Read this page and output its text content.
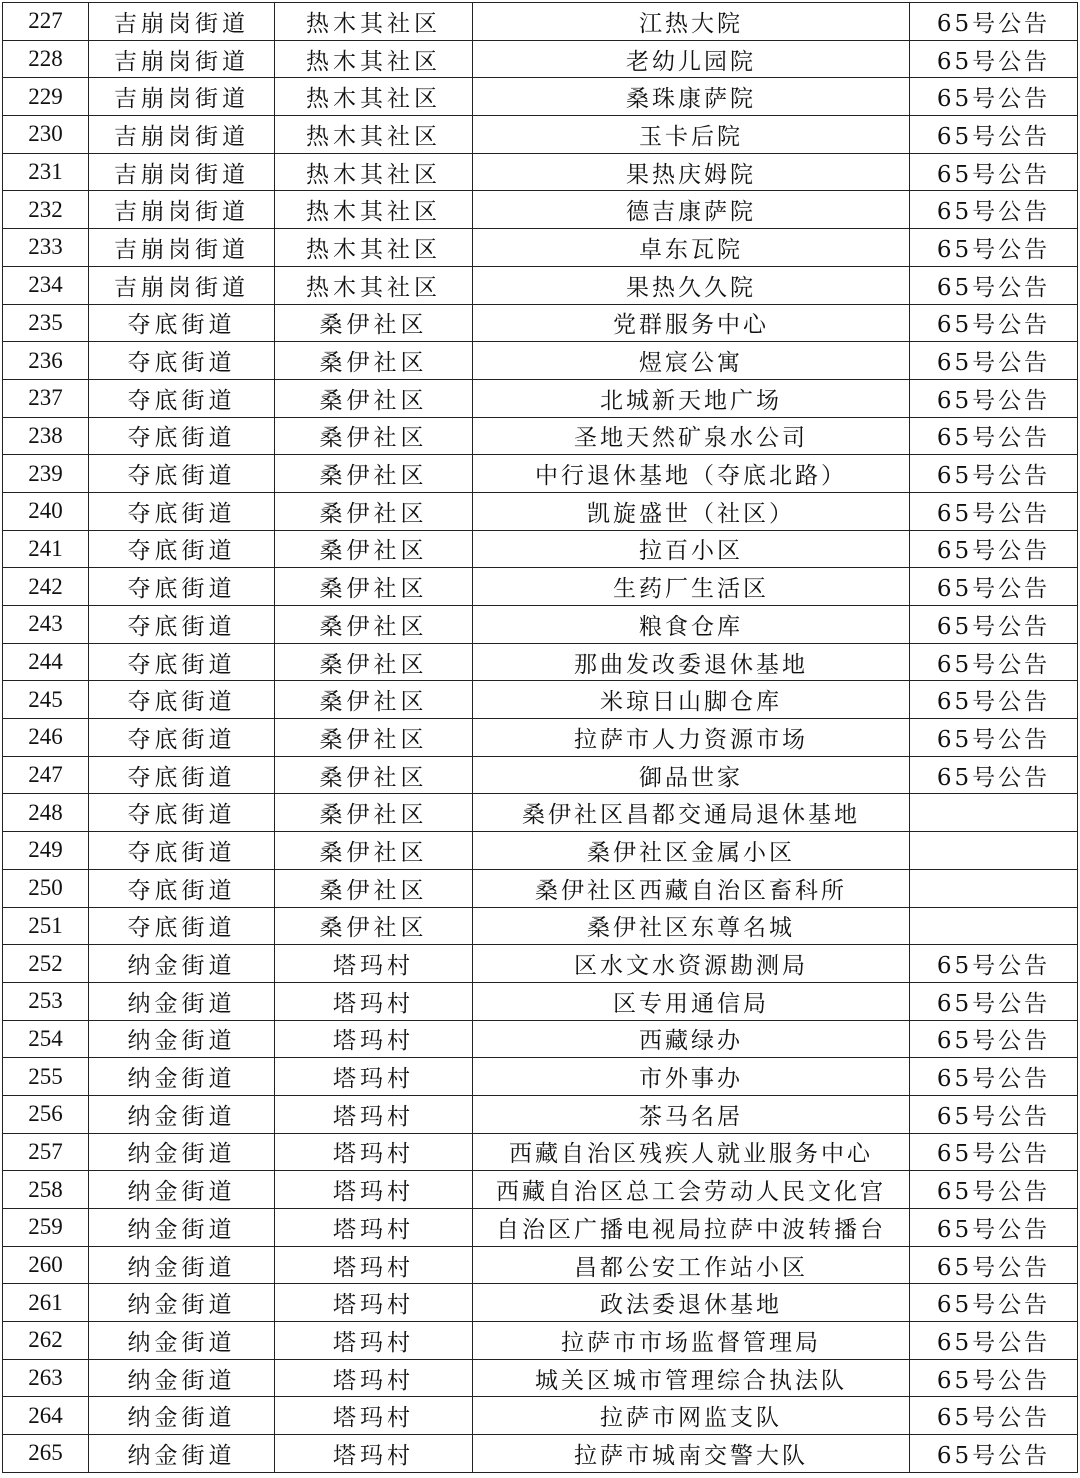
227	吉崩岗街道	热木其社区	江热大院	65号公告
228	吉崩岗街道	热木其社区	老幼儿园院	65号公告
229	吉崩岗街道	热木其社区	桑珠康萨院	65号公告
230	吉崩岗街道	热木其社区	玉卡后院	65号公告
231	吉崩岗街道	热木其社区	果热庆姆院	65号公告
232	吉崩岗街道	热木其社区	德吉康萨院	65号公告
233	吉崩岗街道	热木其社区	卓东瓦院	65号公告
234	吉崩岗街道	热木其社区	果热久久院	65号公告
235	夺底街道	桑伊社区	党群服务中心	65号公告
236	夺底街道	桑伊社区	煜宸公寓	65号公告
237	夺底街道	桑伊社区	北城新天地广场	65号公告
238	夺底街道	桑伊社区	圣地天然矿泉水公司	65号公告
239	夺底街道	桑伊社区	中行退休基地（夺底北路）	65号公告
240	夺底街道	桑伊社区	凯旋盛世（社区）	65号公告
241	夺底街道	桑伊社区	拉百小区	65号公告
242	夺底街道	桑伊社区	生药厂生活区	65号公告
243	夺底街道	桑伊社区	粮食仓库	65号公告
244	夺底街道	桑伊社区	那曲发改委退休基地	65号公告
245	夺底街道	桑伊社区	米琼日山脚仓库	65号公告
246	夺底街道	桑伊社区	拉萨市人力资源市场	65号公告
247	夺底街道	桑伊社区	御品世家	65号公告
248	夺底街道	桑伊社区	桑伊社区昌都交通局退休基地	
249	夺底街道	桑伊社区	桑伊社区金属小区	
250	夺底街道	桑伊社区	桑伊社区西藏自治区畜科所	
251	夺底街道	桑伊社区	桑伊社区东尊名城	
252	纳金街道	塔玛村	区水文水资源勘测局	65号公告
253	纳金街道	塔玛村	区专用通信局	65号公告
254	纳金街道	塔玛村	西藏绿办	65号公告
255	纳金街道	塔玛村	市外事办	65号公告
256	纳金街道	塔玛村	茶马名居	65号公告
257	纳金街道	塔玛村	西藏自治区残疾人就业服务中心	65号公告
258	纳金街道	塔玛村	西藏自治区总工会劳动人民文化宫	65号公告
259	纳金街道	塔玛村	自治区广播电视局拉萨中波转播台	65号公告
260	纳金街道	塔玛村	昌都公安工作站小区	65号公告
261	纳金街道	塔玛村	政法委退休基地	65号公告
262	纳金街道	塔玛村	拉萨市市场监督管理局	65号公告
263	纳金街道	塔玛村	城关区城市管理综合执法队	65号公告
264	纳金街道	塔玛村	拉萨市网监支队	65号公告
265	纳金街道	塔玛村	拉萨市城南交警大队	65号公告
